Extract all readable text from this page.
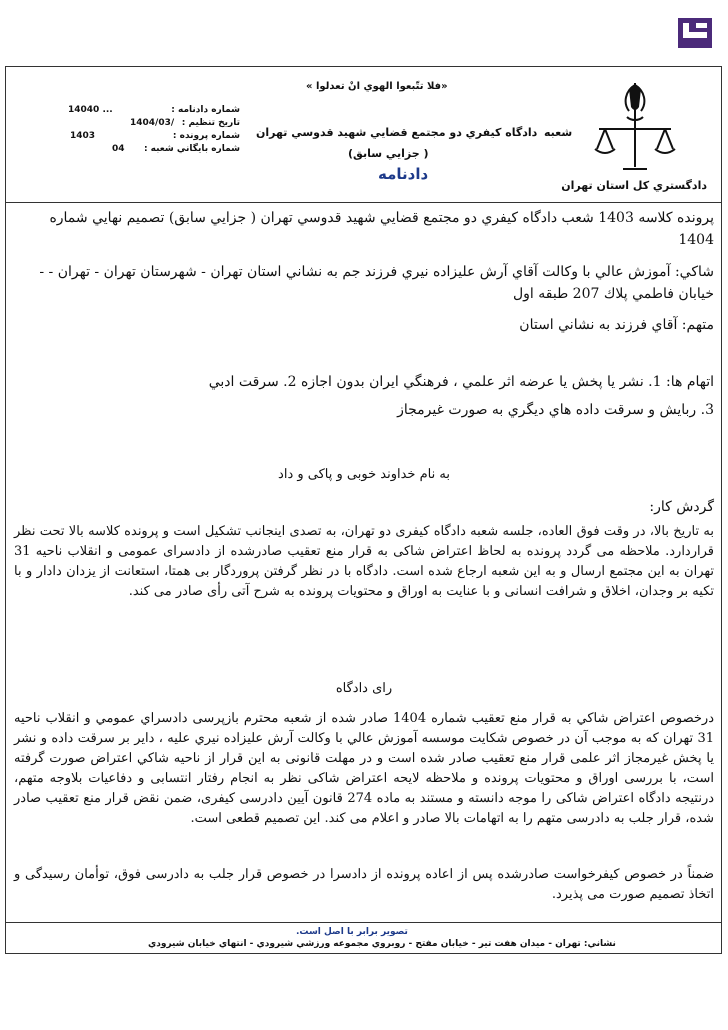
دادگستري كل استان تهران
«فلا تتّبعوا الهوي انْ تعدلوا »
شعبه
دادگاه كيفري دو مجتمع قضايي شهيد قدوسي تهران
( جزايي سابق)
دادنامه
شماره دادنامه :
14040 ...
تاريخ تنظيم :
1404/03/
شماره پرونده :
1403
شماره بايگاني شعبه :
04
پرونده كلاسه 1403 شعب دادگاه كيفري دو مجتمع قضايي شهيد قدوسي تهران ( جزايي سابق) تصميم نهايي شماره 1404
شاكي: آموزش عالي با وكالت آقاي آرش عليزاده نيري فرزند جم به نشاني استان تهران - شهرستان تهران - تهران - - خيابان فاطمي پلاك 207 طبقه اول
متهم: آقاي فرزند به نشاني استان
اتهام ها: 1. نشر يا پخش يا عرضه اثر علمي ، فرهنگي ايران بدون اجازه 2. سرقت ادبي
3. ربايش و سرقت داده هاي ديگري به صورت غيرمجاز
به نام خداوند خوبی و پاکی و داد
گردش كار:
به تاريخ بالا، در وقت فوق العاده، جلسه شعبه دادگاه كيفری دو تهران، به تصدی اينجانب تشكيل است و پرونده كلاسه بالا تحت نظر قراردارد. ملاحظه می گردد پرونده به لحاظ اعتراض شاكی به قرار منع تعقيب صادرشده از دادسرای عمومی و انقلاب ناحيه 31 تهران به اين مجتمع ارسال و به اين شعبه ارجاع شده است. دادگاه با در نظر گرفتن پروردگار بی همتا، استعانت از يزدان دادار و با تكيه بر وجدان، اخلاق و شرافت انسانی و با عنايت به اوراق و محتويات پرونده به شرح آتی رأی صادر می كند.
رای دادگاه
درخصوص اعتراض شاكي به قرار منع تعقيب شماره 1404 صادر شده از شعبه محترم بازپرسی دادسراي عمومي و انقلاب ناحيه 31 تهران كه به موجب آن در خصوص شكايت موسسه آموزش عالي با وكالت آرش عليزاده نيري عليه ، داير بر سرقت داده و نشر يا پخش غيرمجاز اثر علمی قرار منع تعقيب صادر شده است و در مهلت قانونی به اين قرار از ناحيه شاكي اعتراض صورت گرفته است، با بررسی اوراق و محتويات پرونده و ملاحظه لايحه اعتراض شاكی نظر به انجام رفتار انتسابی و دفاعيات بلاوجه متهم، درنتيجه دادگاه اعتراض شاكی را موجه دانسته و مستند به ماده 274 قانون آيين دادرسی كيفری، ضمن نقض قرار منع تعقيب صادر شده، قرار جلب به دادرسی متهم را به اتهامات بالا صادر و اعلام می كند. اين تصميم قطعی است.
ضمناً در خصوص كيفرخواست صادرشده پس از اعاده پرونده از دادسرا در خصوص قرار جلب به دادرسی فوق، توأمان رسيدگی و اتخاذ تصميم صورت می پذيرد.
تصوير برابر با اصل است.
نشاني: تهران - ميدان هفت تير - خيابان مفتح - روبروي مجموعه ورزشي شيرودي - انتهاي خيابان شيرودي
